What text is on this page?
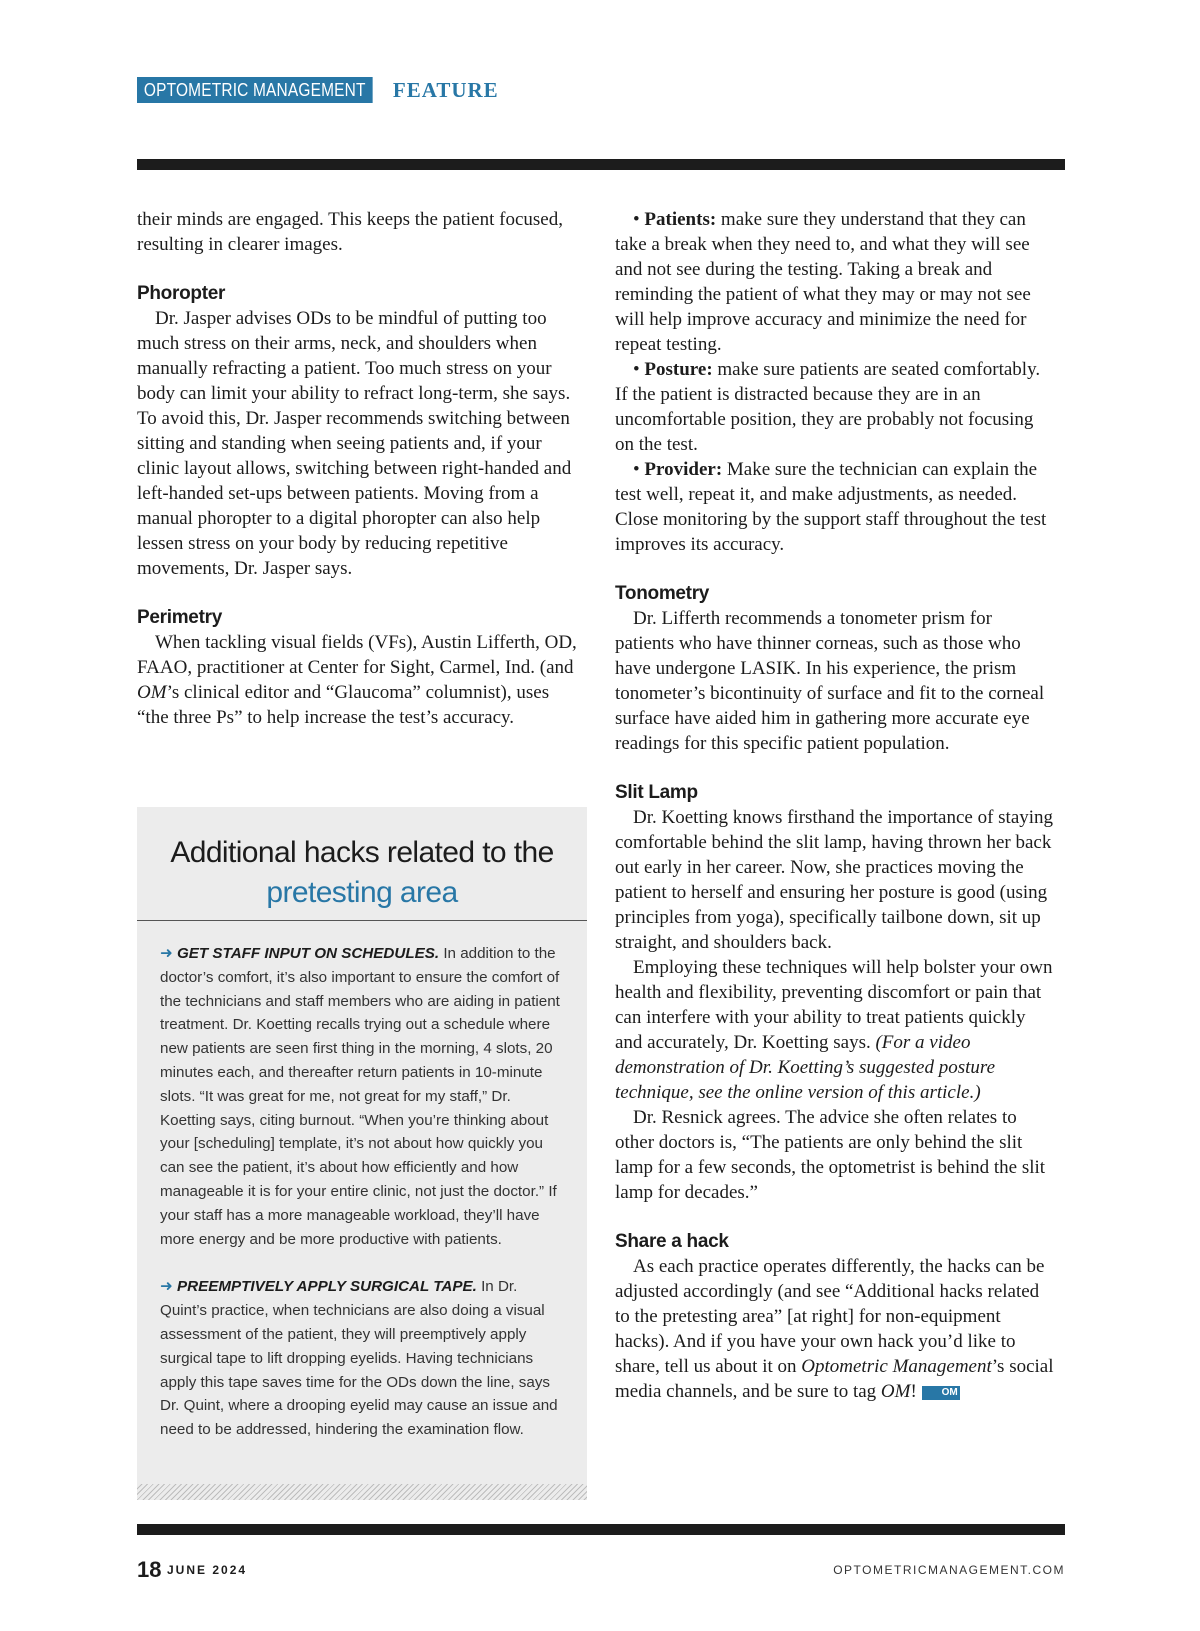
OPTOMETRIC MANAGEMENT	FEATURE

their minds are engaged. This keeps the patient focused, resulting in clearer images.

Phoropter

Dr. Jasper advises ODs to be mindful of putting too much stress on their arms, neck, and shoulders when manually refracting a patient. Too much stress on your body can limit your ability to refract long-term, she says. To avoid this, Dr. Jasper recommends switching between sitting and standing when seeing patients and, if your clinic layout allows, switching between right-handed and left-handed set-ups between patients. Moving from a manual phoropter to a digital phoropter can also help lessen stress on your body by reducing repetitive movements, Dr. Jasper says.

Perimetry

When tackling visual fields (VFs), Austin Lifferth, OD, FAAO, practitioner at Center for Sight, Carmel, Ind. (and OM’s clinical editor and “Glaucoma” columnist), uses “the three Ps” to help increase the test’s accuracy.

Additional hacks related to the
pretesting area

➜ GET STAFF INPUT ON SCHEDULES. In addition to the doctor’s comfort, it’s also important to ensure the comfort of the technicians and staff members who are aiding in patient treatment. Dr. Koetting recalls trying out a schedule where new patients are seen first thing in the morning, 4 slots, 20 minutes each, and thereafter return patients in 10-minute slots. “It was great for me, not great for my staff,” Dr. Koetting says, citing burnout. “When you’re thinking about your [scheduling] template, it’s not about how quickly you can see the patient, it’s about how efficiently and how manageable it is for your entire clinic, not just the doctor.” If your staff has a more manageable workload, they’ll have more energy and be more productive with patients.

➜ PREEMPTIVELY APPLY SURGICAL TAPE. In Dr. Quint’s practice, when technicians are also doing a visual assessment of the patient, they will preemptively apply surgical tape to lift dropping eyelids. Having technicians apply this tape saves time for the ODs down the line, says Dr. Quint, where a drooping eyelid may cause an issue and need to be addressed, hindering the examination flow.

• Patients: make sure they understand that they can take a break when they need to, and what they will see and not see during the testing. Taking a break and reminding the patient of what they may or may not see will help improve accuracy and minimize the need for repeat testing.

• Posture: make sure patients are seated comfortably. If the patient is distracted because they are in an uncomfortable position, they are probably not focusing on the test.

• Provider: Make sure the technician can explain the test well, repeat it, and make adjustments, as needed. Close monitoring by the support staff throughout the test improves its accuracy.

Tonometry

Dr. Lifferth recommends a tonometer prism for patients who have thinner corneas, such as those who have undergone LASIK. In his experience, the prism tonometer’s bicontinuity of surface and fit to the corneal surface have aided him in gathering more accurate eye readings for this specific patient population.

Slit Lamp

Dr. Koetting knows firsthand the importance of staying comfortable behind the slit lamp, having thrown her back out early in her career. Now, she practices moving the patient to herself and ensuring her posture is good (using principles from yoga), specifically tailbone down, sit up straight, and shoulders back.

Employing these techniques will help bolster your own health and flexibility, preventing discomfort or pain that can interfere with your ability to treat patients quickly and accurately, Dr. Koetting says. (For a video demonstration of Dr. Koetting’s suggested posture technique, see the online version of this article.)

Dr. Resnick agrees. The advice she often relates to other doctors is, “The patients are only behind the slit lamp for a few seconds, the optometrist is behind the slit lamp for decades.”

Share a hack

As each practice operates differently, the hacks can be adjusted accordingly (and see “Additional hacks related to the pretesting area” [at right] for non-equipment hacks). And if you have your own hack you’d like to share, tell us about it on Optometric Management’s social media channels, and be sure to tag OM! OM

18 JUNE 2024	OPTOMETRICMANAGEMENT.COM
